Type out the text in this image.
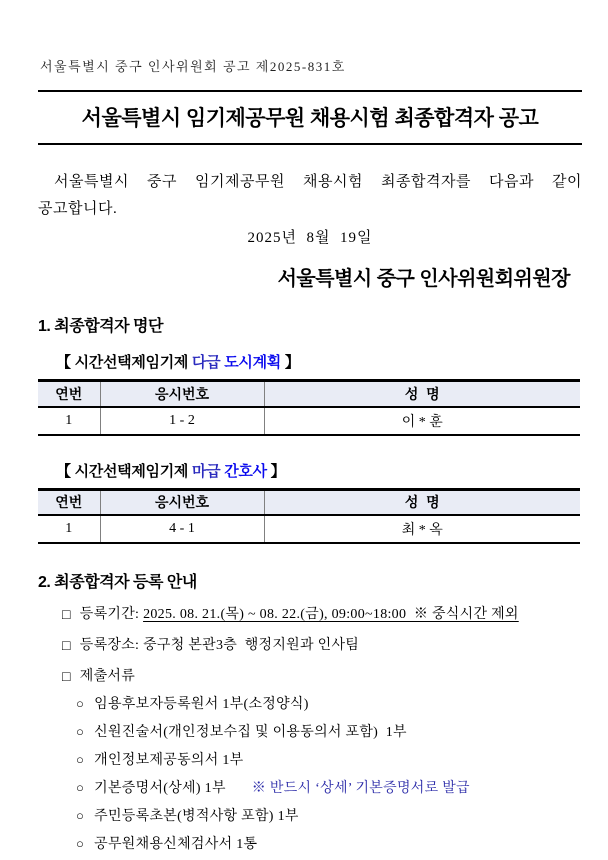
서울특별시 중구 인사위원회 공고 제2025-831호
서울특별시 임기제공무원 채용시험 최종합격자 공고
서울특별시 중구 임기제공무원 채용시험 최종합격자를 다음과 같이
공고합니다.
2025년  8월  19일
서울특별시 중구 인사위원회위원장
1. 최종합격자 명단
【 시간선택제임기제 다급 도시계획 】
연번	응시번호	성  명
1	1 - 2	이 * 훈
【 시간선택제임기제 마급 간호사 】
연번	응시번호	성  명
1	4 - 1	최 * 옥
2. 최종합격자 등록 안내
□ 등록기간: 2025. 08. 21.(목) ~ 08. 22.(금), 09:00~18:00  ※ 중식시간 제외
□ 등록장소: 중구청 본관3층  행정지원과 인사팀
□ 제출서류
○ 임용후보자등록원서 1부(소정양식)
○ 신원진술서(개인정보수집 및 이용동의서 포함)  1부
○ 개인정보제공동의서 1부
○ 기본증명서(상세) 1부 ※ 반드시 ‘상세’ 기본증명서로 발급
○ 주민등록초본(병적사항 포함) 1부
○ 공무원채용신체검사서 1통
